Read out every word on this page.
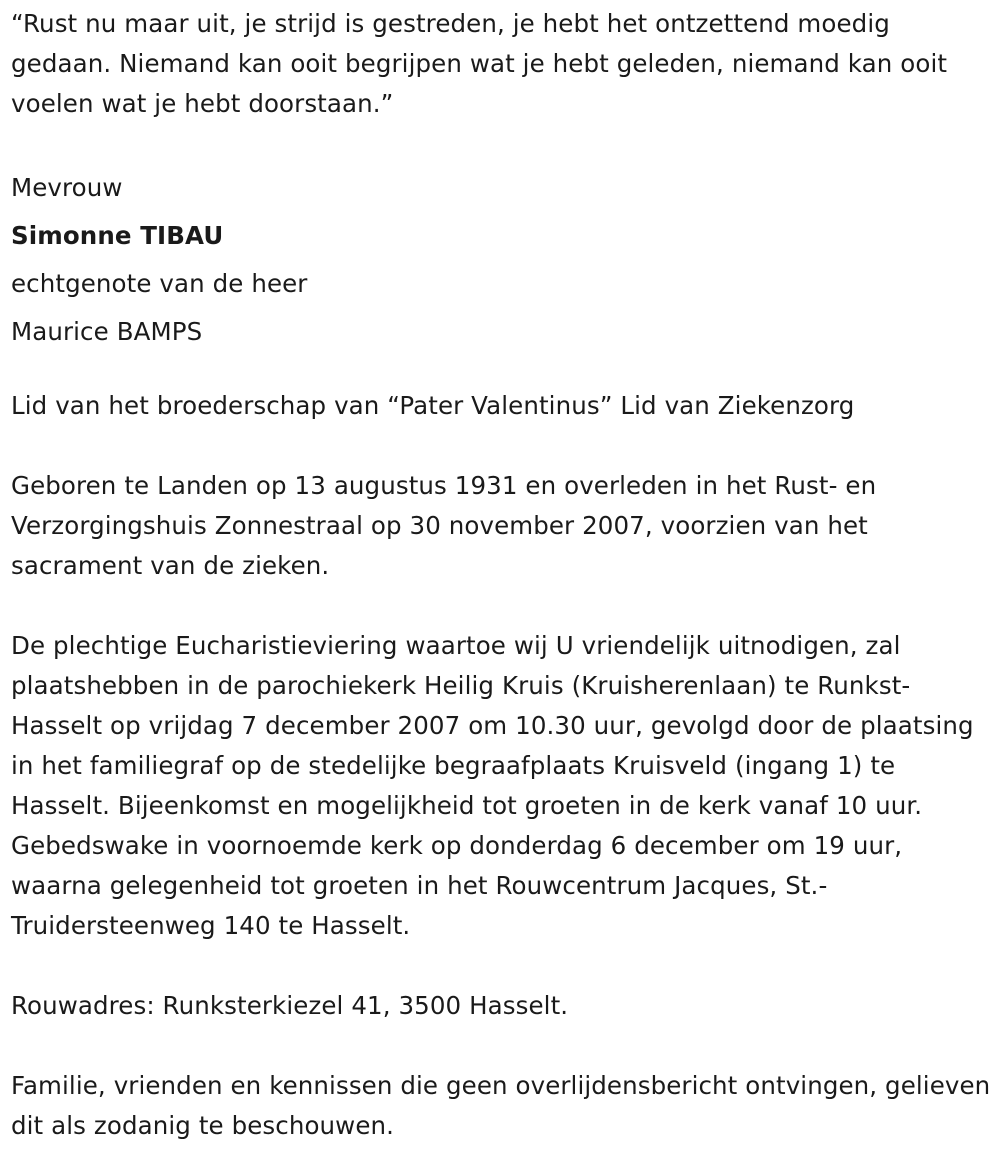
“Rust nu maar uit, je strijd is gestreden, je hebt het ontzettend moedig gedaan. Niemand kan ooit begrijpen wat je hebt geleden, niemand kan ooit voelen wat je hebt doorstaan.”

Mevrouw
Simonne TIBAU
echtgenote van de heer
Maurice BAMPS

Lid van het broederschap van “Pater Valentinus” Lid van Ziekenzorg

Geboren te Landen op 13 augustus 1931 en overleden in het Rust- en Verzorgingshuis Zonnestraal op 30 november 2007, voorzien van het sacrament van de zieken.

De plechtige Eucharistieviering waartoe wij U vriendelijk uitnodigen, zal plaatshebben in de parochiekerk Heilig Kruis (Kruisherenlaan) te Runkst-Hasselt op vrijdag 7 december 2007 om 10.30 uur, gevolgd door de plaatsing in het familiegraf op de stedelijke begraafplaats Kruisveld (ingang 1) te Hasselt. Bijeenkomst en mogelijkheid tot groeten in de kerk vanaf 10 uur. Gebedswake in voornoemde kerk op donderdag 6 december om 19 uur, waarna gelegenheid tot groeten in het Rouwcentrum Jacques, St.-Truidersteenweg 140 te Hasselt.

Rouwadres: Runksterkiezel 41, 3500 Hasselt.

Familie, vrienden en kennissen die geen overlijdensbericht ontvingen, gelieven dit als zodanig te beschouwen.
